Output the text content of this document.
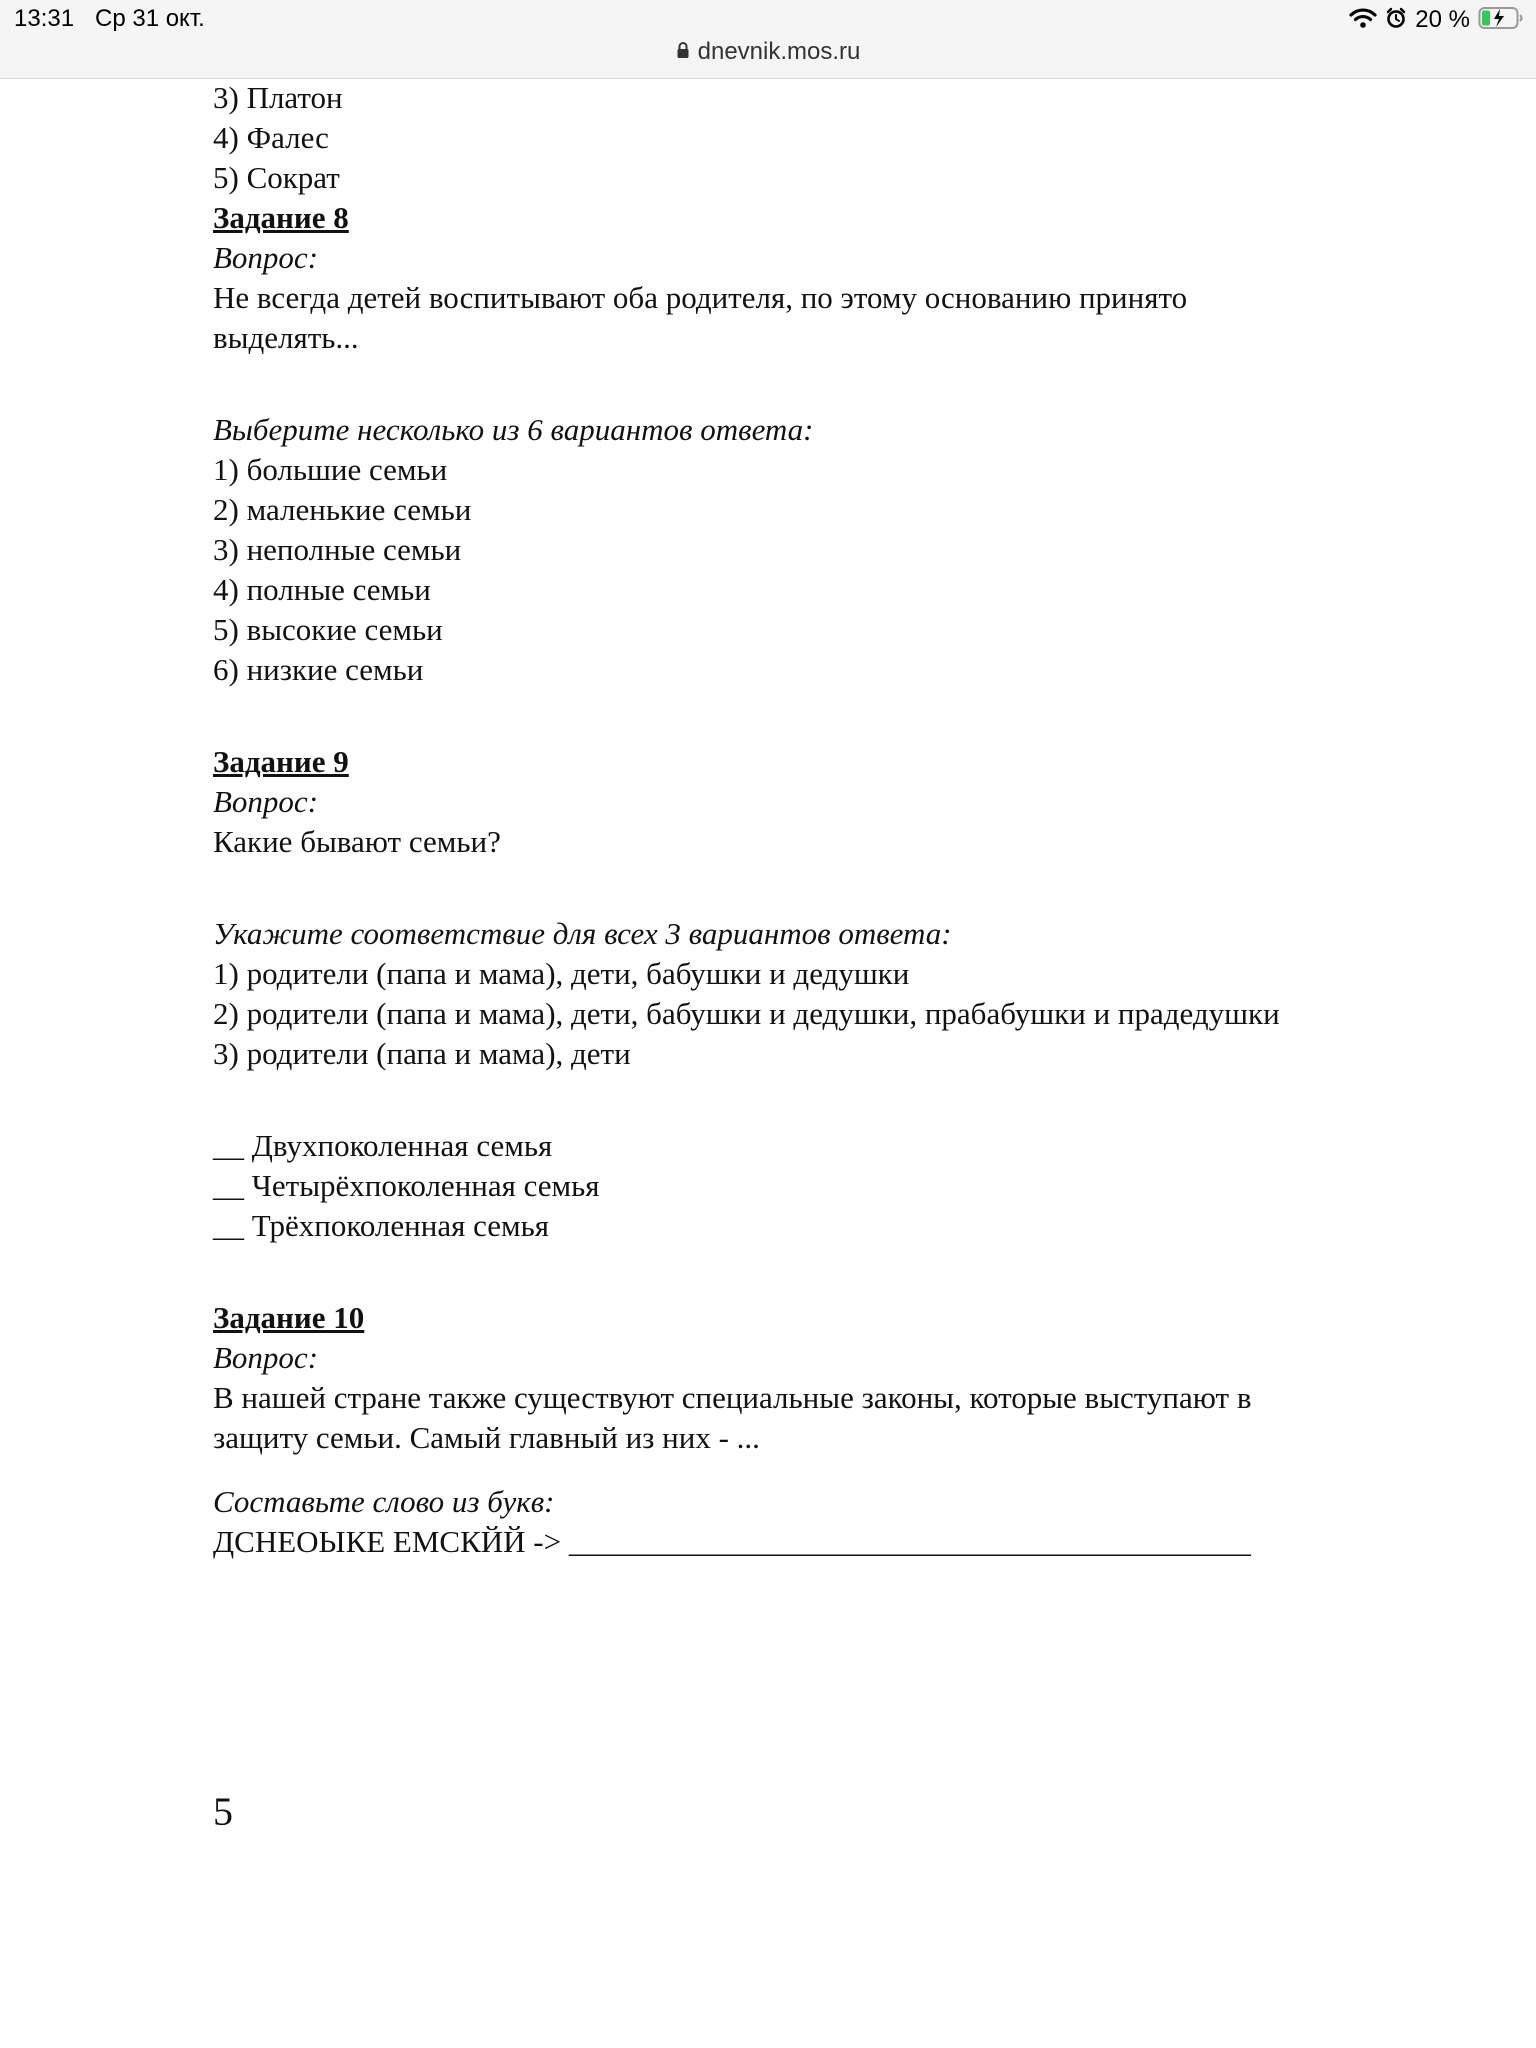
13:31 Ср 31 окт.	20 %
dnevnik.mos.ru
3) Платон
4) Фалес
5) Сократ
Задание 8
Вопрос:
Не всегда детей воспитывают оба родителя, по этому основанию принято
выделять...
Выберите несколько из 6 вариантов ответа:
1) большие семьи
2) маленькие семьи
3) неполные семьи
4) полные семьи
5) высокие семьи
6) низкие семьи
Задание 9
Вопрос:
Какие бывают семьи?
Укажите соответствие для всех 3 вариантов ответа:
1) родители (папа и мама), дети, бабушки и дедушки
2) родители (папа и мама), дети, бабушки и дедушки, прабабушки и прадедушки
3) родители (папа и мама), дети
__ Двухпоколенная семья
__ Четырёхпоколенная семья
__ Трёхпоколенная семья
Задание 10
Вопрос:
В нашей стране также существуют специальные законы, которые выступают в
защиту семьи. Самый главный из них - ...
Составьте слово из букв:
ДСНЕОЫКЕ ЕМСКЙЙ -> ____________________________________________
5
